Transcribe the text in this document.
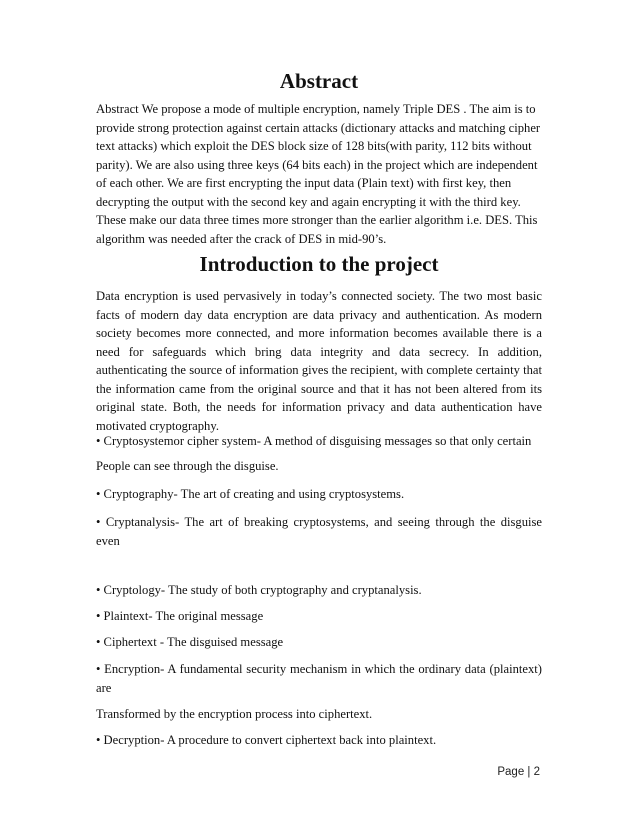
Abstract

Abstract We propose a mode of multiple encryption, namely Triple DES . The aim is to provide strong protection against certain attacks (dictionary attacks and matching cipher text attacks) which exploit the DES block size of 128 bits(with parity, 112 bits without parity). We are also using three keys (64 bits each) in the project which are independent of each other. We are first encrypting the input data (Plain text) with first key, then decrypting the output with the second key and again encrypting it with the third key. These make our data three times more stronger than the earlier algorithm i.e. DES. This algorithm was needed after the crack of DES in mid-90’s.

Introduction to the project

Data encryption is used pervasively in today’s connected society. The two most basic facts of modern day data encryption are data privacy and authentication. As modern society becomes more connected, and more information becomes available there is a need for safeguards which bring data integrity and data secrecy. In addition, authenticating the source of information gives the recipient, with complete certainty that the information came from the original source and that it has not been altered from its original state. Both, the needs for information privacy and data authentication have motivated cryptography.

• Cryptosystemor cipher system- A method of disguising messages so that only certain

People can see through the disguise.

• Cryptography- The art of creating and using cryptosystems.

• Cryptanalysis- The art of breaking cryptosystems, and seeing through the disguise even

• Cryptology- The study of both cryptography and cryptanalysis.

• Plaintext- The original message

• Ciphertext - The disguised message

• Encryption- A fundamental security mechanism in which the ordinary data (plaintext) are

Transformed by the encryption process into ciphertext.

• Decryption- A procedure to convert ciphertext back into plaintext.

Page | 2
